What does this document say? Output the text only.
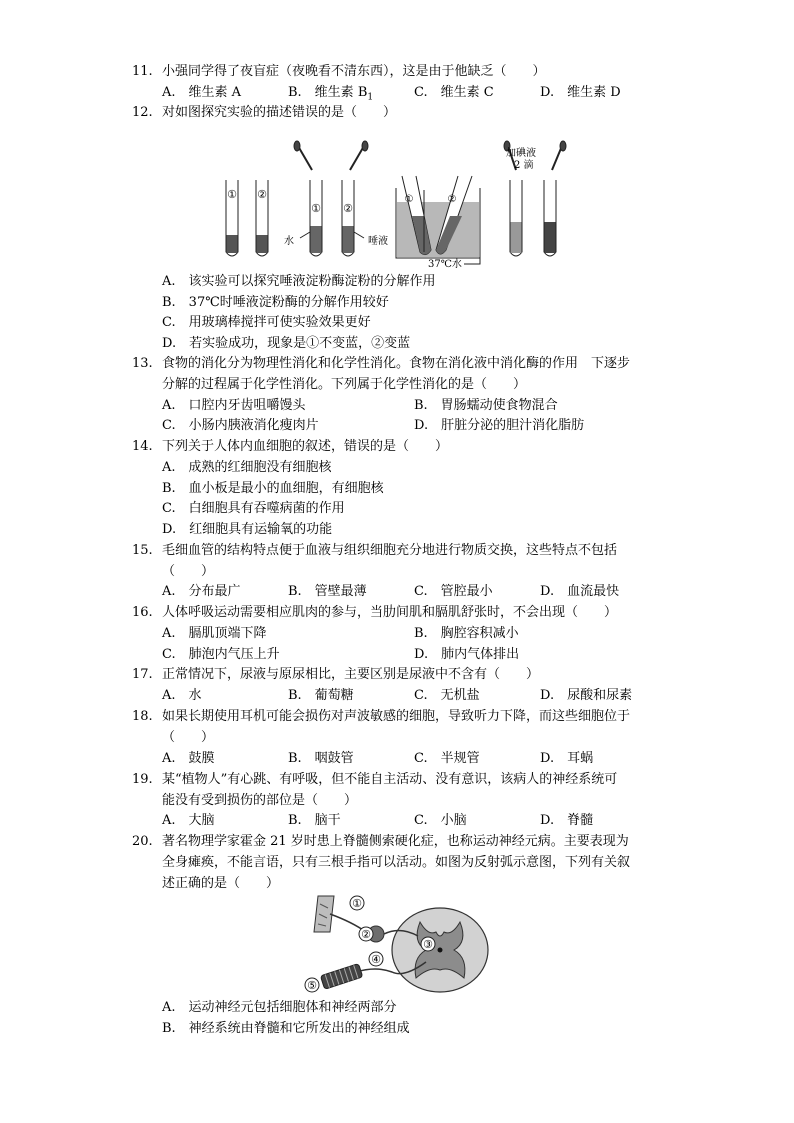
11. 小强同学得了夜盲症（夜晚看不清东西），这是由于他缺乏（　　）
A.　维生素 A	B.　维生素 $B_1$	C.　维生素 C	D.　维生素 D
12. 对如图探究实验的描述错误的是（　　）
① ②
① ②
①	②
水	唾液
37℃水
加碘液
2 滴
A.　该实验可以探究唾液淀粉酶淀粉的分解作用
B.　37℃时唾液淀粉酶的分解作用较好
C.　用玻璃棒搅拌可使实验效果更好
D.　若实验成功，现象是①不变蓝，②变蓝
13. 食物的消化分为物理性消化和化学性消化。食物在消化液中消化酶的作用　下逐步
分解的过程属于化学性消化。下列属于化学性消化的是（　　）
A.　口腔内牙齿咀嚼馒头	B.　胃肠蠕动使食物混合
C.　小肠内胰液消化瘦肉片	D.　肝脏分泌的胆汁消化脂肪
14. 下列关于人体内血细胞的叙述，错误的是（　　）
A.　成熟的红细胞没有细胞核
B.　血小板是最小的血细胞，有细胞核
C.　白细胞具有吞噬病菌的作用
D.　红细胞具有运输氧的功能
15. 毛细血管的结构特点便于血液与组织细胞充分地进行物质交换，这些特点不包括
（　　）
A.　分布最广	B.　管壁最薄	C.　管腔最小	D.　血流最快
16. 人体呼吸运动需要相应肌肉的参与，当肋间肌和膈肌舒张时，不会出现（　　）
A.　膈肌顶端下降	B.　胸腔容积减小
C.　肺泡内气压上升	D.　肺内气体排出
17. 正常情况下，尿液与原尿相比，主要区别是尿液中不含有（　　）
A.　水	B.　葡萄糖	C.　无机盐	D.　尿酸和尿素
18. 如果长期使用耳机可能会损伤对声波敏感的细胞，导致听力下降，而这些细胞位于
（　　）
A.　鼓膜	B.　咽鼓管	C.　半规管	D.　耳蜗
19. 某“植物人”有心跳、有呼吸，但不能自主活动、没有意识，该病人的神经系统可
能没有受到损伤的部位是（　　）
A.　大脑	B.　脑干	C.　小脑	D.　脊髓
20. 著名物理学家霍金 21 岁时患上脊髓侧索硬化症，也称运动神经元病。主要表现为
全身瘫痪，不能言语，只有三根手指可以活动。如图为反射弧示意图，下列有关叙
述正确的是（　　）
①
②
③
④
⑤
A.　运动神经元包括细胞体和神经两部分
B.　神经系统由脊髓和它所发出的神经组成
